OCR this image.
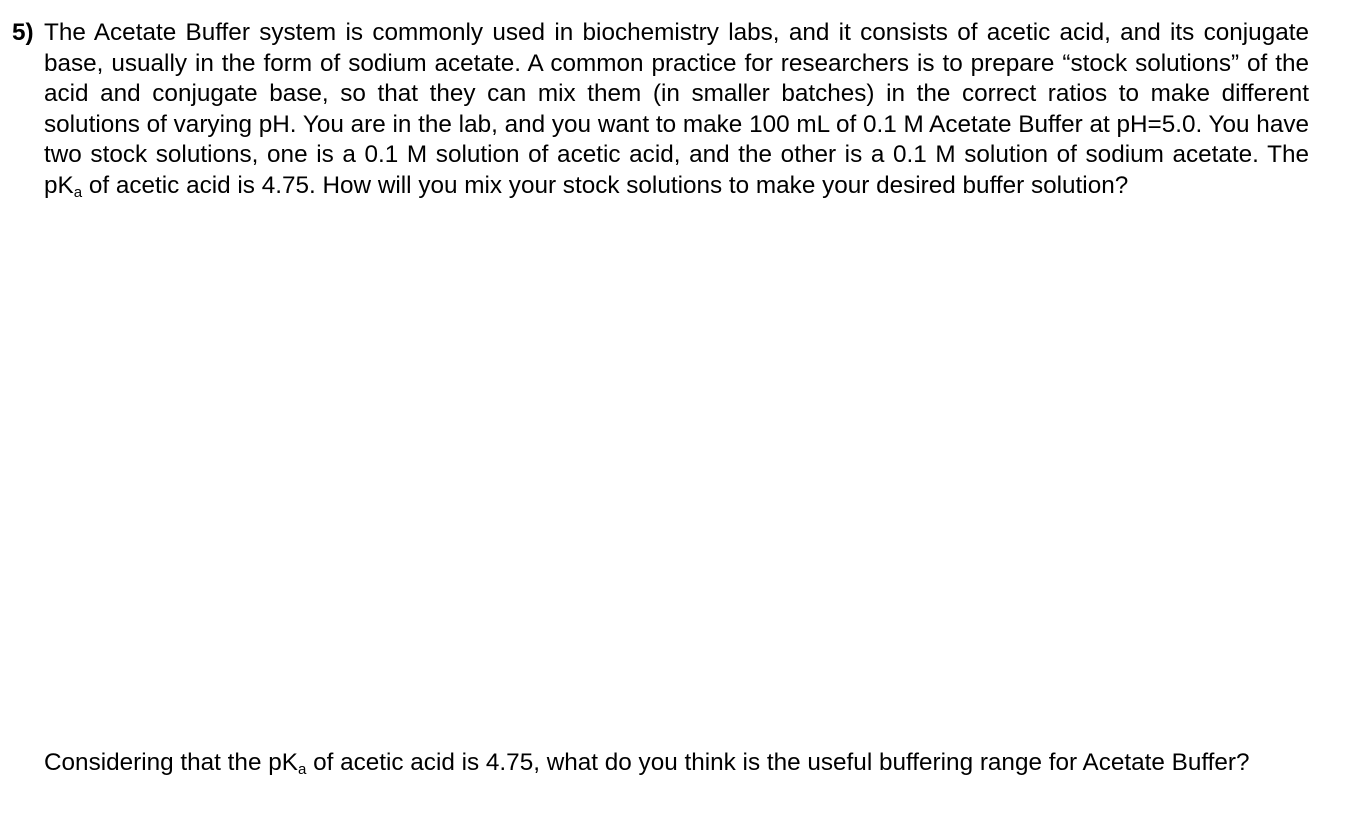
5) The Acetate Buffer system is commonly used in biochemistry labs, and it consists of acetic acid, and its conjugate base, usually in the form of sodium acetate. A common practice for researchers is to prepare “stock solutions” of the acid and conjugate base, so that they can mix them (in smaller batches) in the correct ratios to make different solutions of varying pH. You are in the lab, and you want to make 100 mL of 0.1 M Acetate Buffer at pH=5.0. You have two stock solutions, one is a 0.1 M solution of acetic acid, and the other is a 0.1 M solution of sodium acetate. The $pK_a$ of acetic acid is 4.75. How will you mix your stock solutions to make your desired buffer solution?
Considering that the $pK_a$ of acetic acid is 4.75, what do you think is the useful buffering range for Acetate Buffer?
